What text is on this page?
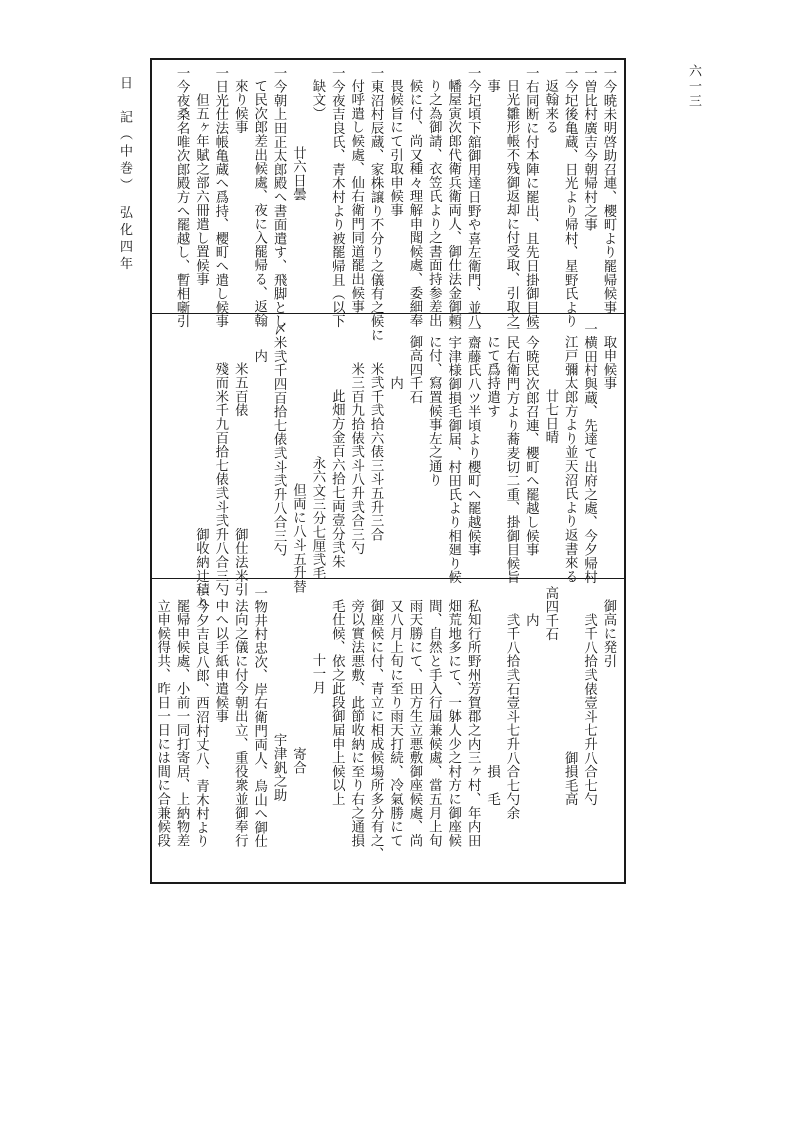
日　記（中巻）　弘化四年	六一三
一今暁未明啓助召連、櫻町より罷帰候事
一曽比村廣吉今朝帰村之事
一今𡉏後亀蔵、日光より帰村、星野氏より
返翰来る
一右同断に付本陣に罷出、且先日掛御目候
日光雛形帳不残御返却に付受取、引取之
事
一今𡉏頃下舘御用達日野や喜左衛門、並八
幡屋寅次郎代衛兵衛両人、御仕法金御頼
り之為御請、衣笠氏より之書面持参差出
候に付、尚又種々理解申聞候處、委細奉
畏候旨にて引取申候事
一東沼村辰蔵、家株譲り不分り之儀有之候に
付呼遣し候處、仙右衛門同道罷出候事
一今夜吉良氏、青木村より被罷帰且（以下
缺文）
廿六日曇
一今朝上田正太郎殿へ書面遣す、飛脚とし
て民次郎差出候處、夜に入罷帰る、返翰
來り候事
一日光仕法帳亀蔵へ爲持、櫻町へ遣し候事
但五ヶ年賦之部六冊遣し置候事
一今夜桑名唯次郎殿方へ罷越し、暫相噺引
取申候事
一横田村與蔵、先達て出府之處、今夕帰村
江戸彌太郎方より並天沼氏より返書來る
廿七日晴
一今暁民次郎召連、櫻町へ罷越し候事
一民右衛門方より蕎麦切二重、掛御目候旨
にて爲持遣す
一齋藤氏八ツ半頃より櫻町へ罷越候事
一宇津様御損毛御届、村田氏より相廻り候
に付、寫置候事左之通り
御高四千石
内
米弐千弐拾六俵三斗五升三合
米三百九拾俵弐斗八升弐合三勺
此畑方金百六拾七両壹分弐朱
永六文三分七厘弐毛
但両に八斗五升替
〆米弐千四百拾七俵弐斗弐升八合三勺
内
米五百俵　　　　　　　　御仕法米引
殘而米千九百拾七俵弐斗弐升八合三勺
　　　　　　　　　　　　御收納辻積り
御高に発引
弐千八拾弐俵壹斗七升八合七勺
　　　　　　　　　　御損毛高
高四千石
内
弐千八拾弐石壹斗七升八合七勺余
　　　　　　　　　　　損　毛
私知行所野州芳賀郡之内三ヶ村、年内田
畑荒地多にて、一躰人少之村方に御座候
間、自然と手入行屆兼候處、當五月上旬
雨天勝にて、田方生立悪敷御座候處、尚
又八月上旬に至り雨天打続、冷氣勝にて
御座候に付、青立に相成候場所多分有之、
旁以實法悪敷、此節收納に至り右之通損
毛仕候、依之此段御届申上候以上
十一月
寄合
宇津釩之助
一物井村忠次、岸右衛門両人、烏山へ御仕
法向之儀に付今朝出立、重役衆並御奉行
中へ以手紙申遣候事
一今夕吉良八郎、西沼村丈八、青木村より
罷帰申候處、小前一同打寄居、上納物差
立申候得共、昨日一日には間に合兼候段
